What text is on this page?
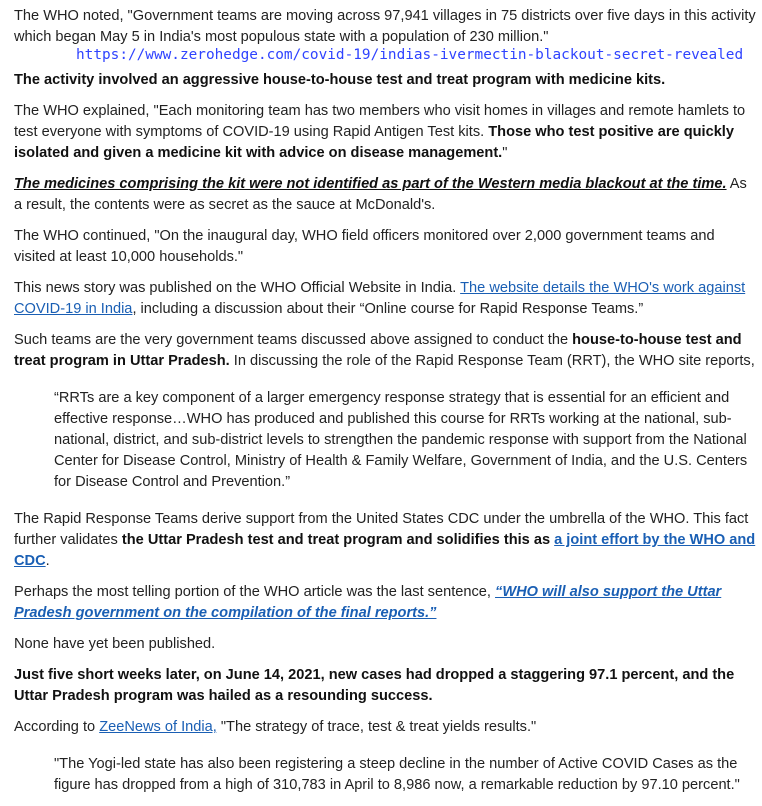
The WHO noted, "Government teams are moving across 97,941 villages in 75 districts over five days in this activity which began May 5 in India's most populous state with a population of 230 million."

The activity involved an aggressive house-to-house test and treat program with medicine kits.

The WHO explained, "Each monitoring team has two members who visit homes in villages and remote hamlets to test everyone with symptoms of COVID-19 using Rapid Antigen Test kits. Those who test positive are quickly isolated and given a medicine kit with advice on disease management."

The medicines comprising the kit were not identified as part of the Western media blackout at the time. As a result, the contents were as secret as the sauce at McDonald's.

The WHO continued, "On the inaugural day, WHO field officers monitored over 2,000 government teams and visited at least 10,000 households."

This news story was published on the WHO Official Website in India. The website details the WHO's work against COVID-19 in India, including a discussion about their “Online course for Rapid Response Teams.”

Such teams are the very government teams discussed above assigned to conduct the house-to-house test and treat program in Uttar Pradesh. In discussing the role of the Rapid Response Team (RRT), the WHO site reports,

“RRTs are a key component of a larger emergency response strategy that is essential for an efficient and effective response…WHO has produced and published this course for RRTs working at the national, sub-national, district, and sub-district levels to strengthen the pandemic response with support from the National Center for Disease Control, Ministry of Health & Family Welfare, Government of India, and the U.S. Centers for Disease Control and Prevention.”

The Rapid Response Teams derive support from the United States CDC under the umbrella of the WHO. This fact further validates the Uttar Pradesh test and treat program and solidifies this as a joint effort by the WHO and CDC.

Perhaps the most telling portion of the WHO article was the last sentence, “WHO will also support the Uttar Pradesh government on the compilation of the final reports.”

None have yet been published.

Just five short weeks later, on June 14, 2021, new cases had dropped a staggering 97.1 percent, and the Uttar Pradesh program was hailed as a resounding success.

According to ZeeNews of India, "The strategy of trace, test & treat yields results."

"The Yogi-led state has also been registering a steep decline in the number of Active COVID Cases as the figure has dropped from a high of 310,783 in April to 8,986 now, a remarkable reduction by 97.10 percent."

https://www.zerohedge.com/covid-19/indias-ivermectin-blackout-secret-revealed
